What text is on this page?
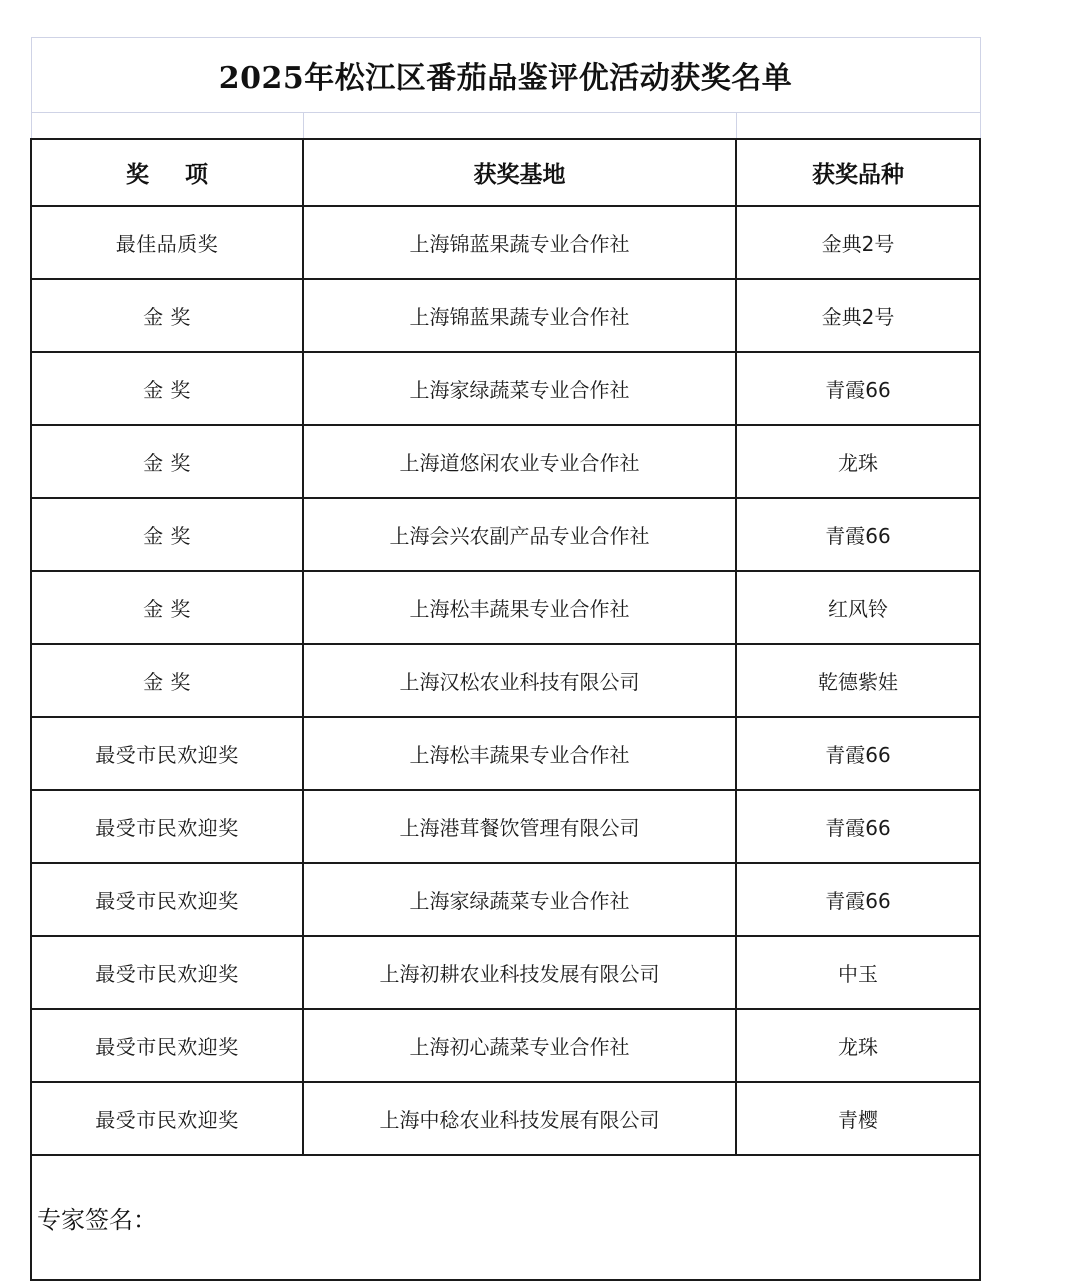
2025年松江区番茄品鉴评优活动获奖名单		

奖 项	获奖基地	获奖品种
最佳品质奖	上海锦蓝果蔬专业合作社	金典2号
金 奖	上海锦蓝果蔬专业合作社	金典2号
金 奖	上海家绿蔬菜专业合作社	青霞66
金 奖	上海道悠闲农业专业合作社	龙珠
金 奖	上海会兴农副产品专业合作社	青霞66
金 奖	上海松丰蔬果专业合作社	红风铃
金 奖	上海汉松农业科技有限公司	乾德紫娃
最受市民欢迎奖	上海松丰蔬果专业合作社	青霞66
最受市民欢迎奖	上海港茸餐饮管理有限公司	青霞66
最受市民欢迎奖	上海家绿蔬菜专业合作社	青霞66
最受市民欢迎奖	上海初耕农业科技发展有限公司	中玉
最受市民欢迎奖	上海初心蔬菜专业合作社	龙珠
最受市民欢迎奖	上海中稔农业科技发展有限公司	青樱
专家签名：		
